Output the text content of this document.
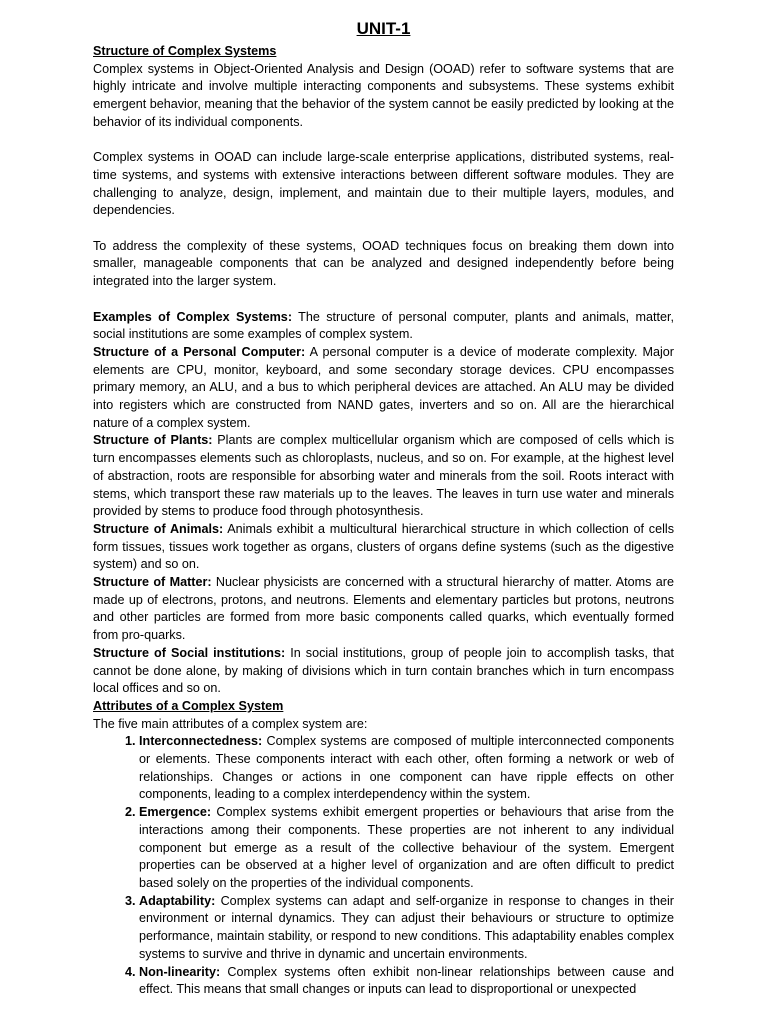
UNIT-1
Structure of Complex Systems

Complex systems in Object-Oriented Analysis and Design (OOAD) refer to software systems that are highly intricate and involve multiple interacting components and subsystems. These systems exhibit emergent behavior, meaning that the behavior of the system cannot be easily predicted by looking at the behavior of its individual components.

Complex systems in OOAD can include large-scale enterprise applications, distributed systems, real-time systems, and systems with extensive interactions between different software modules. They are challenging to analyze, design, implement, and maintain due to their multiple layers, modules, and dependencies.

To address the complexity of these systems, OOAD techniques focus on breaking them down into smaller, manageable components that can be analyzed and designed independently before being integrated into the larger system.

Examples of Complex Systems: The structure of personal computer, plants and animals, matter, social institutions are some examples of complex system.

Structure of a Personal Computer: A personal computer is a device of moderate complexity. Major elements are CPU, monitor, keyboard, and some secondary storage devices. CPU encompasses primary memory, an ALU, and a bus to which peripheral devices are attached. An ALU may be divided into registers which are constructed from NAND gates, inverters and so on. All are the hierarchical nature of a complex system.

Structure of Plants: Plants are complex multicellular organism which are composed of cells which is turn encompasses elements such as chloroplasts, nucleus, and so on. For example, at the highest level of abstraction, roots are responsible for absorbing water and minerals from the soil. Roots interact with stems, which transport these raw materials up to the leaves. The leaves in turn use water and minerals provided by stems to produce food through photosynthesis.

Structure of Animals: Animals exhibit a multicultural hierarchical structure in which collection of cells form tissues, tissues work together as organs, clusters of organs define systems (such as the digestive system) and so on.

Structure of Matter: Nuclear physicists are concerned with a structural hierarchy of matter. Atoms are made up of electrons, protons, and neutrons. Elements and elementary particles but protons, neutrons and other particles are formed from more basic components called quarks, which eventually formed from pro-quarks.

Structure of Social institutions: In social institutions, group of people join to accomplish tasks, that cannot be done alone, by making of divisions which in turn contain branches which in turn encompass local offices and so on.

Attributes of a Complex System

The five main attributes of a complex system are:

1. Interconnectedness: Complex systems are composed of multiple interconnected components or elements. These components interact with each other, often forming a network or web of relationships. Changes or actions in one component can have ripple effects on other components, leading to a complex interdependency within the system.
2. Emergence: Complex systems exhibit emergent properties or behaviours that arise from the interactions among their components. These properties are not inherent to any individual component but emerge as a result of the collective behaviour of the system. Emergent properties can be observed at a higher level of organization and are often difficult to predict based solely on the properties of the individual components.
3. Adaptability: Complex systems can adapt and self-organize in response to changes in their environment or internal dynamics. They can adjust their behaviours or structure to optimize performance, maintain stability, or respond to new conditions. This adaptability enables complex systems to survive and thrive in dynamic and uncertain environments.
4. Non-linearity: Complex systems often exhibit non-linear relationships between cause and effect. This means that small changes or inputs can lead to disproportional or unexpected
